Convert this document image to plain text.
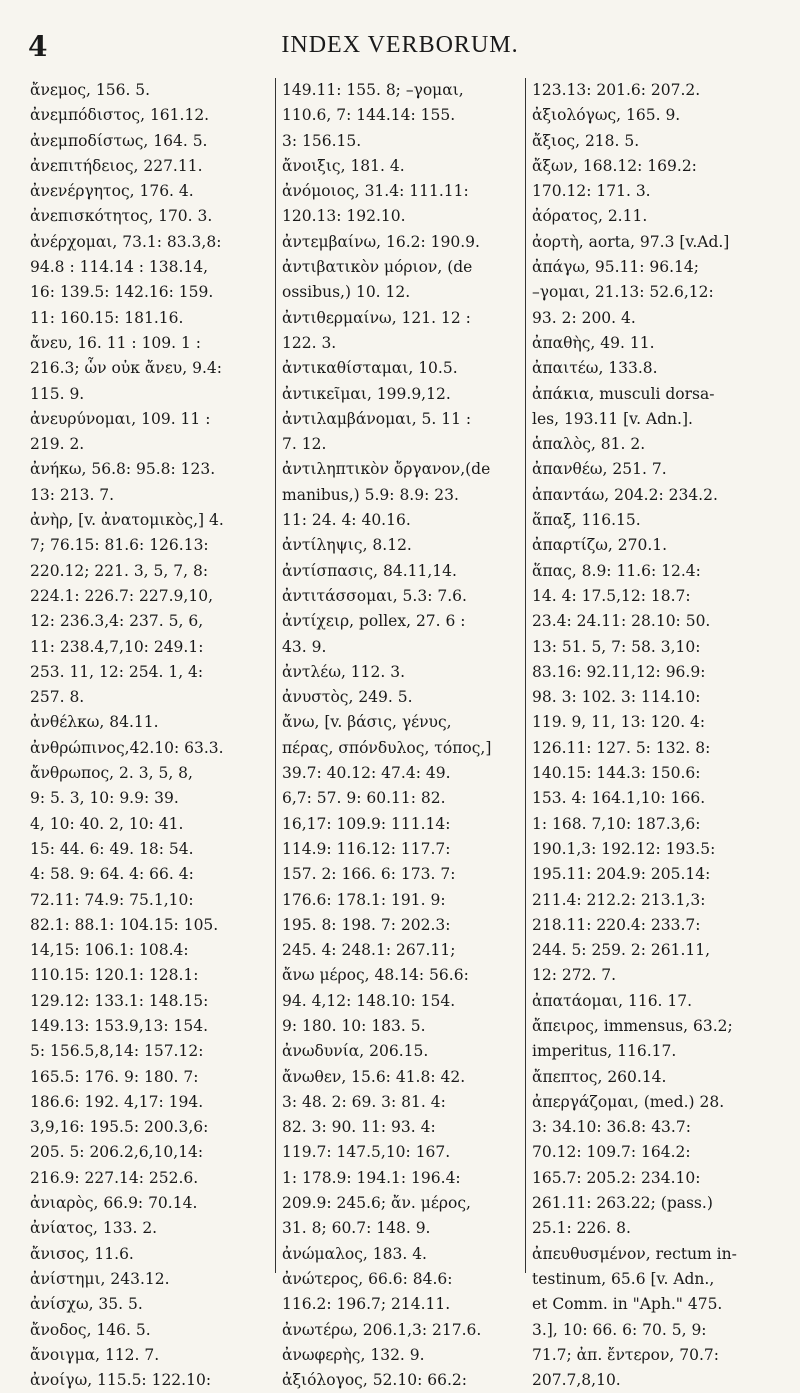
4	INDEX VERBORUM.
ἄνεμος, 156. 5.
ἀνεμπόδιστος, 161.12.
ἀνεμποδίστως, 164. 5.
ἀνεπιτήδειος, 227.11.
ἀνενέργητος, 176. 4.
ἀνεπισκότητος, 170. 3.
ἀνέρχομαι, 73.1: 83.3,8:
94.8 : 114.14 : 138.14,
16: 139.5: 142.16: 159.
11: 160.15: 181.16.
ἄνευ, 16. 11 : 109. 1 :
216.3; ὧν οὐκ ἄνευ, 9.4:
115. 9.
ἀνευρύνομαι, 109. 11 :
219. 2.
ἀνήκω, 56.8: 95.8: 123.
13: 213. 7.
ἀνὴρ, [v. ἀνατομικὸς,] 4.
7; 76.15: 81.6: 126.13:
220.12; 221. 3, 5, 7, 8:
224.1: 226.7: 227.9,10,
12: 236.3,4: 237. 5, 6,
11: 238.4,7,10: 249.1:
253. 11, 12: 254. 1, 4:
257. 8.
ἀνθέλκω, 84.11.
ἀνθρώπινος,42.10: 63.3.
ἄνθρωπος, 2. 3, 5, 8,
9: 5. 3, 10: 9.9: 39.
4, 10: 40. 2, 10: 41.
15: 44. 6: 49. 18: 54.
4: 58. 9: 64. 4: 66. 4:
72.11: 74.9: 75.1,10:
82.1: 88.1: 104.15: 105.
14,15: 106.1: 108.4:
110.15: 120.1: 128.1:
129.12: 133.1: 148.15:
149.13: 153.9,13: 154.
5: 156.5,8,14: 157.12:
165.5: 176. 9: 180. 7:
186.6: 192. 4,17: 194.
3,9,16: 195.5: 200.3,6:
205. 5: 206.2,6,10,14:
216.9: 227.14: 252.6.
ἀνιαρὸς, 66.9: 70.14.
ἀνίατος, 133. 2.
ἄνισος, 11.6.
ἀνίστημι, 243.12.
ἀνίσχω, 35. 5.
ἄνοδος, 146. 5.
ἄνοιγμα, 112. 7.
ἀνοίγω, 115.5: 122.10:
149.11: 155. 8; –γομαι,
110.6, 7: 144.14: 155.
3: 156.15.
ἄνοιξις, 181. 4.
ἀνόμοιος, 31.4: 111.11:
120.13: 192.10.
ἀντεμβαίνω, 16.2: 190.9.
ἀντιβατικὸν μόριον, (de
ossibus,) 10. 12.
ἀντιθερμαίνω, 121. 12 :
122. 3.
ἀντικαθίσταμαι, 10.5.
ἀντικεῖμαι, 199.9,12.
ἀντιλαμβάνομαι, 5. 11 :
7. 12.
ἀντιληπτικὸν ὄργανον,(de
manibus,) 5.9: 8.9: 23.
11: 24. 4: 40.16.
ἀντίληψις, 8.12.
ἀντίσπασις, 84.11,14.
ἀντιτάσσομαι, 5.3: 7.6.
ἀντίχειρ, pollex, 27. 6 :
43. 9.
ἀντλέω, 112. 3.
ἀνυστὸς, 249. 5.
ἄνω, [v. βάσις, γένυς,
πέρας, σπόνδυλος, τόπος,]
39.7: 40.12: 47.4: 49.
6,7: 57. 9: 60.11: 82.
16,17: 109.9: 111.14:
114.9: 116.12: 117.7:
157. 2: 166. 6: 173. 7:
176.6: 178.1: 191. 9:
195. 8: 198. 7: 202.3:
245. 4: 248.1: 267.11;
ἄνω μέρος, 48.14: 56.6:
94. 4,12: 148.10: 154.
9: 180. 10: 183. 5.
ἀνωδυνία, 206.15.
ἄνωθεν, 15.6: 41.8: 42.
3: 48. 2: 69. 3: 81. 4:
82. 3: 90. 11: 93. 4:
119.7: 147.5,10: 167.
1: 178.9: 194.1: 196.4:
209.9: 245.6; ἄν. μέρος,
31. 8; 60.7: 148. 9.
ἀνώμαλος, 183. 4.
ἀνώτερος, 66.6: 84.6:
116.2: 196.7; 214.11.
ἀνωτέρω, 206.1,3: 217.6.
ἀνωφερὴς, 132. 9.
ἀξιόλογος, 52.10: 66.2:
123.13: 201.6: 207.2.
ἀξιολόγως, 165. 9.
ἄξιος, 218. 5.
ἄξων, 168.12: 169.2:
170.12: 171. 3.
ἀόρατος, 2.11.
ἀορτὴ, aorta, 97.3 [v.Ad.]
ἀπάγω, 95.11: 96.14;
–γομαι, 21.13: 52.6,12:
93. 2: 200. 4.
ἀπαθὴς, 49. 11.
ἀπαιτέω, 133.8.
ἀπάκια, musculi dorsa-
les, 193.11 [v. Adn.].
ἁπαλὸς, 81. 2.
ἀπανθέω, 251. 7.
ἀπαντάω, 204.2: 234.2.
ἅπαξ, 116.15.
ἀπαρτίζω, 270.1.
ἅπας, 8.9: 11.6: 12.4:
14. 4: 17.5,12: 18.7:
23.4: 24.11: 28.10: 50.
13: 51. 5, 7: 58. 3,10:
83.16: 92.11,12: 96.9:
98. 3: 102. 3: 114.10:
119. 9, 11, 13: 120. 4:
126.11: 127. 5: 132. 8:
140.15: 144.3: 150.6:
153. 4: 164.1,10: 166.
1: 168. 7,10: 187.3,6:
190.1,3: 192.12: 193.5:
195.11: 204.9: 205.14:
211.4: 212.2: 213.1,3:
218.11: 220.4: 233.7:
244. 5: 259. 2: 261.11,
12: 272. 7.
ἀπατάομαι, 116. 17.
ἄπειρος, immensus, 63.2;
imperitus, 116.17.
ἄπεπτος, 260.14.
ἀπεργάζομαι, (med.) 28.
3: 34.10: 36.8: 43.7:
70.12: 109.7: 164.2:
165.7: 205.2: 234.10:
261.11: 263.22; (pass.)
25.1: 226. 8.
ἀπευθυσμένον, rectum in-
testinum, 65.6 [v. Adn.,
et Comm. in "Aph." 475.
3.], 10: 66. 6: 70. 5, 9:
71.7; ἀπ. ἔντερον, 70.7:
207.7,8,10.
